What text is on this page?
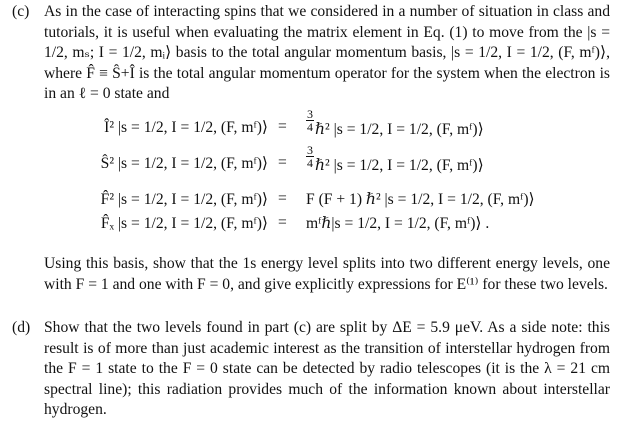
(c) As in the case of interacting spins that we considered in a number of situation in class and tutorials, it is useful when evaluating the matrix element in Eq. (1) to move from the |s = 1/2, mₛ; I = 1/2, mᵢ⟩ basis to the total angular momentum basis, |s = 1/2, I = 1/2, (F, mᶠ)⟩, where F̂ ≡ Ŝ+Î is the total angular momentum operator for the system when the electron is in an ℓ = 0 state and
Î² |s = 1/2, I = 1/2, (F, mᶠ)⟩ = $\frac{3}{4}$ ℏ² |s = 1/2, I = 1/2, (F, mᶠ)⟩
Ŝ² |s = 1/2, I = 1/2, (F, mᶠ)⟩ = $\frac{3}{4}$ ℏ² |s = 1/2, I = 1/2, (F, mᶠ)⟩
F̂² |s = 1/2, I = 1/2, (F, mᶠ)⟩ = F (F + 1) ℏ² |s = 1/2, I = 1/2, (F, mᶠ)⟩
F̂ₓ |s = 1/2, I = 1/2, (F, mᶠ)⟩ = mᶠℏ|s = 1/2, I = 1/2, (F, mᶠ)⟩ .
Using this basis, show that the 1s energy level splits into two different energy levels, one with F = 1 and one with F = 0, and give explicitly expressions for E⁽¹⁾ for these two levels.
(d) Show that the two levels found in part (c) are split by ΔE = 5.9 μeV. As a side note: this result is of more than just academic interest as the transition of interstellar hydrogen from the F = 1 state to the F = 0 state can be detected by radio telescopes (it is the λ = 21 cm spectral line); this radiation provides much of the information known about interstellar hydrogen.
